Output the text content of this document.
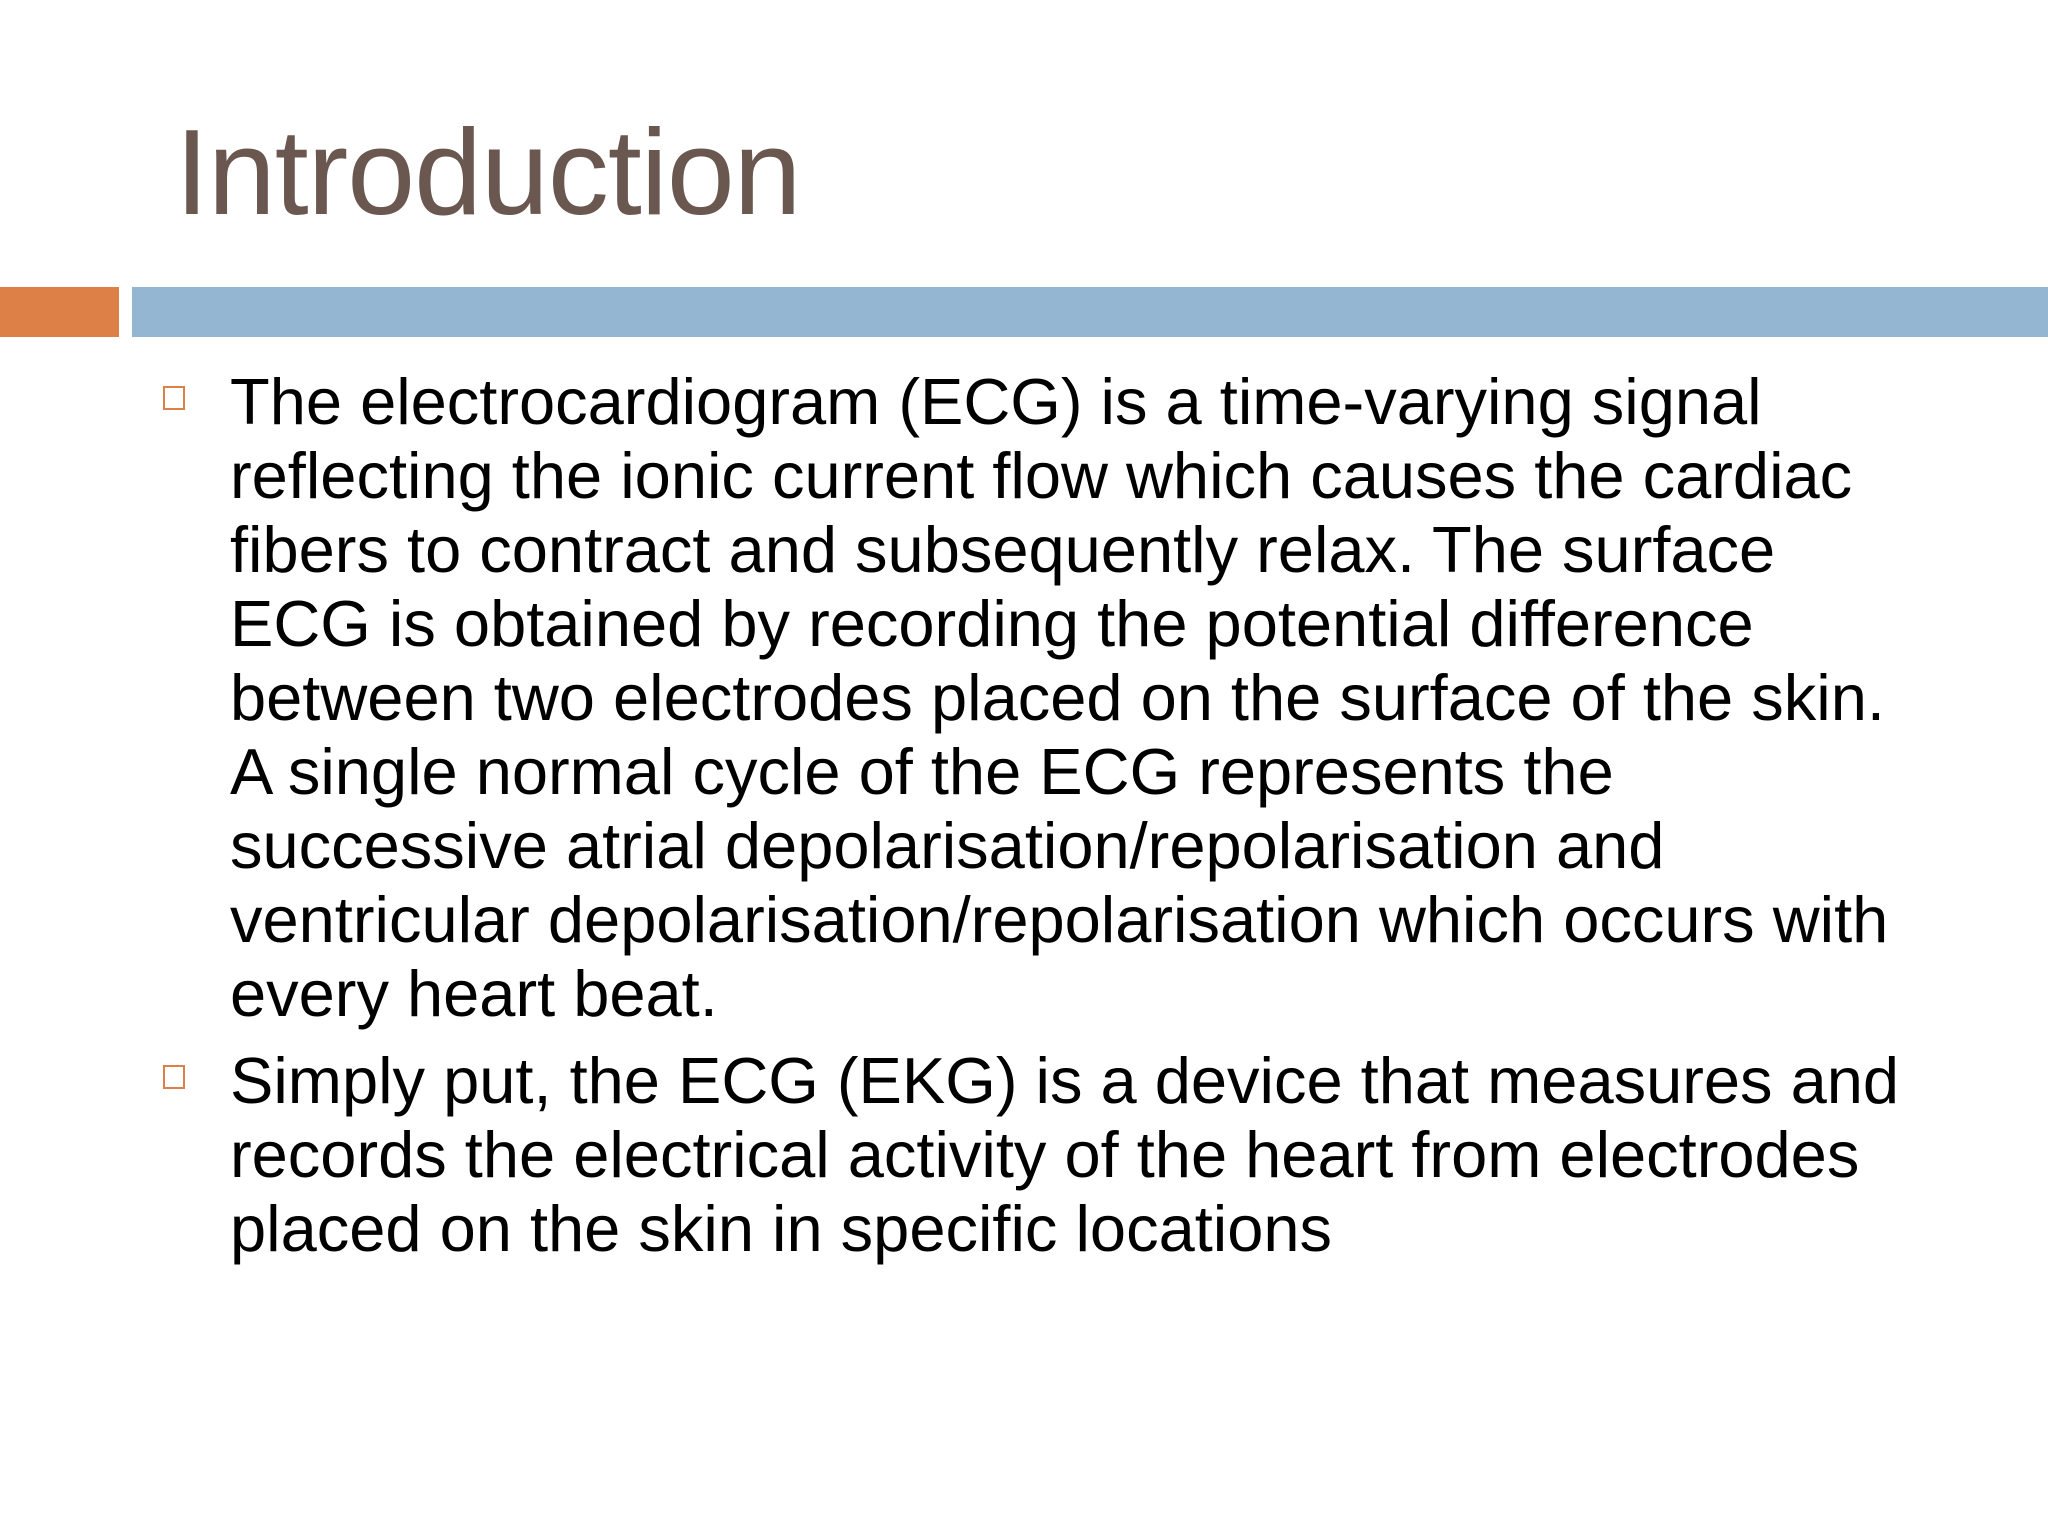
Introduction
The electrocardiogram (ECG) is a time-varying signal reflecting the ionic current flow which causes the cardiac fibers to contract and subsequently relax. The surface ECG is obtained by recording the potential difference between two electrodes placed on the surface of the skin. A single normal cycle of the ECG represents the successive atrial depolarisation/repolarisation and ventricular depolarisation/repolarisation which occurs with every heart beat.
Simply put, the ECG (EKG) is a device that measures and records the electrical activity of the heart from electrodes placed on the skin in specific locations
